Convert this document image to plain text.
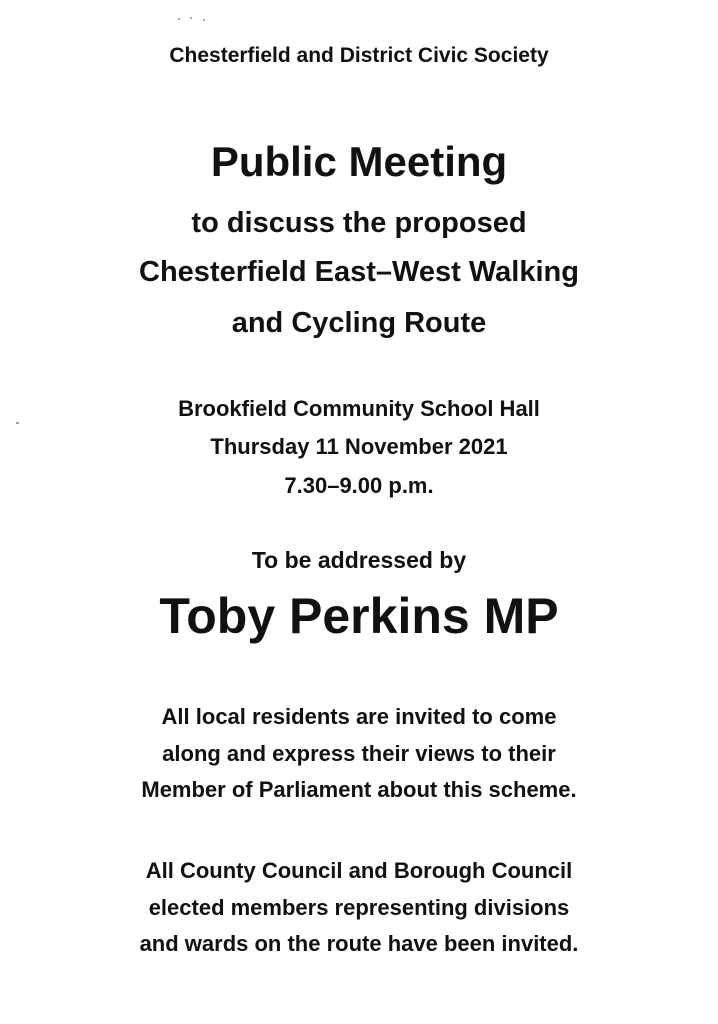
Chesterfield and District Civic Society
Public Meeting
to discuss the proposed
Chesterfield East–West Walking
and Cycling Route
Brookfield Community School Hall
Thursday 11 November 2021
7.30–9.00 p.m.
To be addressed by
Toby Perkins MP
All local residents are invited to come
along and express their views to their
Member of Parliament about this scheme.
All County Council and Borough Council
elected members representing divisions
and wards on the route have been invited.
